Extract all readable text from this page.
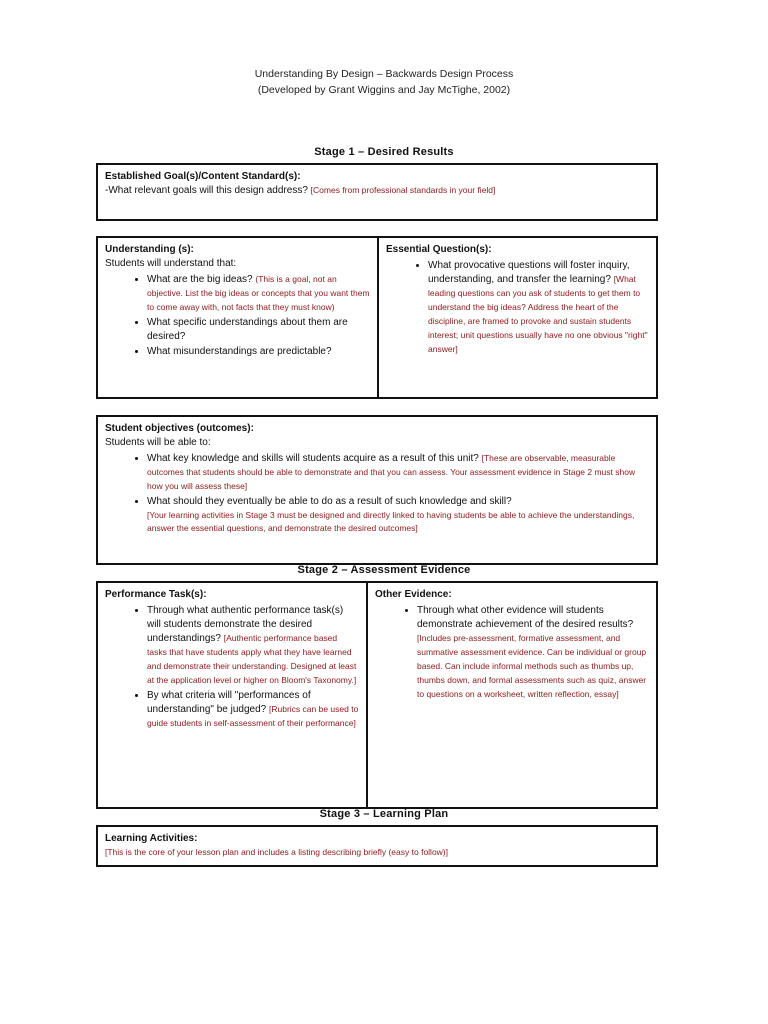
Understanding By Design – Backwards Design Process
(Developed by Grant Wiggins and Jay McTighe, 2002)
Stage 1 – Desired Results
Established Goal(s)/Content Standard(s):
-What relevant goals will this design address? [Comes from professional standards in your field]
Understanding (s):
Students will understand that:
• What are the big ideas? (This is a goal, not an objective. List the big ideas or concepts that you want them to come away with, not facts that they must know)
• What specific understandings about them are desired?
• What misunderstandings are predictable?
Essential Question(s):
• What provocative questions will foster inquiry, understanding, and transfer the learning? [What leading questions can you ask of students to get them to understand the big ideas? Address the heart of the discipline, are framed to provoke and sustain students interest; unit questions usually have no one obvious "right" answer]
Student objectives (outcomes):
Students will be able to:
• What key knowledge and skills will students acquire as a result of this unit? [These are observable, measurable outcomes that students should be able to demonstrate and that you can assess. Your assessment evidence in Stage 2 must show how you will assess these]
• What should they eventually be able to do as a result of such knowledge and skill?
[Your learning activities in Stage 3 must be designed and directly linked to having students be able to achieve the understandings, answer the essential questions, and demonstrate the desired outcomes]
Stage 2 – Assessment Evidence
Performance Task(s):
• Through what authentic performance task(s) will students demonstrate the desired understandings? [Authentic performance based tasks that have students apply what they have learned and demonstrate their understanding. Designed at least at the application level or higher on Bloom's Taxonomy.]
• By what criteria will "performances of understanding" be judged? [Rubrics can be used to guide students in self-assessment of their performance]
Other Evidence:
• Through what other evidence will students demonstrate achievement of the desired results? [Includes pre-assessment, formative assessment, and summative assessment evidence. Can be individual or group based. Can include informal methods such as thumbs up, thumbs down, and formal assessments such as quiz, answer to questions on a worksheet, written reflection, essay]
Stage 3 – Learning Plan
Learning Activities:
[This is the core of your lesson plan and includes a listing describing briefly (easy to follow)]
